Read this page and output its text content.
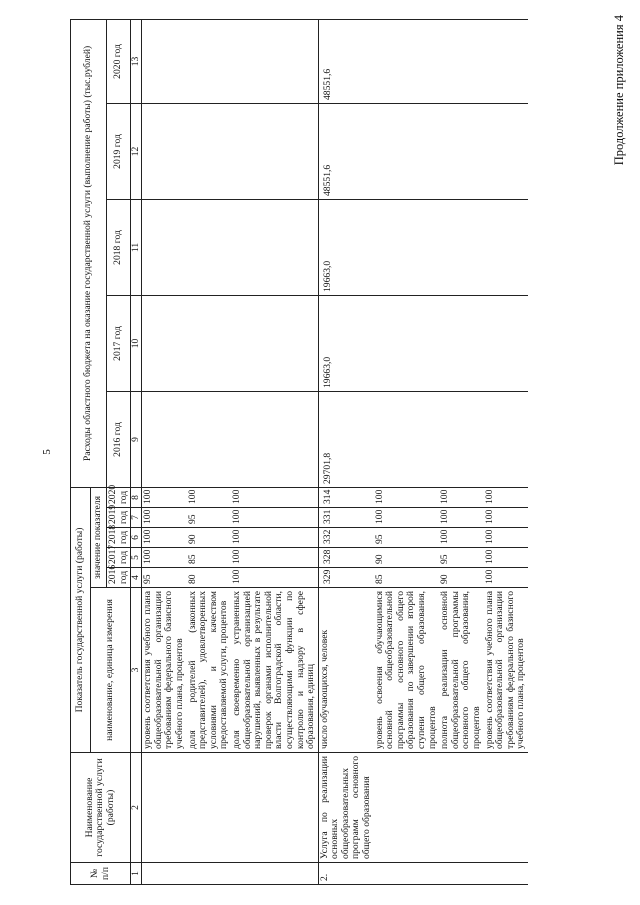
5
Продолжение приложения 4
№ п/п	Наименование государственной услуги (работы)	Показатель государственной услуги (работы)						Расходы областного бюджета на оказание государственной услуги (выполнение работы) (тыс.рублей)				
		наименование, единица измерения	значение показателя									
			2016 год	2017 год	2018 год	2019 год	2020 год	2016 год	2017 год	2018 год	2019 год	2020 год
1	2	3	4	5	6	7	8	9	10	11	12	13
		уровень соответствия учебного плана общеобразовательной организации требованиям федерального базисного учебного плана, процентов	95	100	100	100	100					
		доля родителей (законных представителей), удовлетворенных условиями и качеством предоставляемой услуги, процентов	80	85	90	95	100					
		доля своевременно устраненных общеобразовательной организацией нарушений, выявленных в результате проверок органами исполнительной власти Волгоградской области, осуществляющими функции по контролю и надзору в сфере образования, единиц	100	100	100	100	100					
2.	Услуга по реализации основных общеобразовательных программ основного общего образования	число обучающихся, человек	329	328	332	331	314	29701,8	19663,0	19663,0	48551,6	48551,6
		уровень освоения обучающимися основной общеобразовательной программы основного общего образования по завершении второй ступени общего образования, процентов	85	90	95	100	100					
		полнота реализации основной общеобразовательной программы основного общего образования, процентов	90	95	100	100	100					
		уровень соответствия учебного плана общеобразовательной организации требованиям федерального базисного учебного плана, процентов	100	100	100	100	100					
